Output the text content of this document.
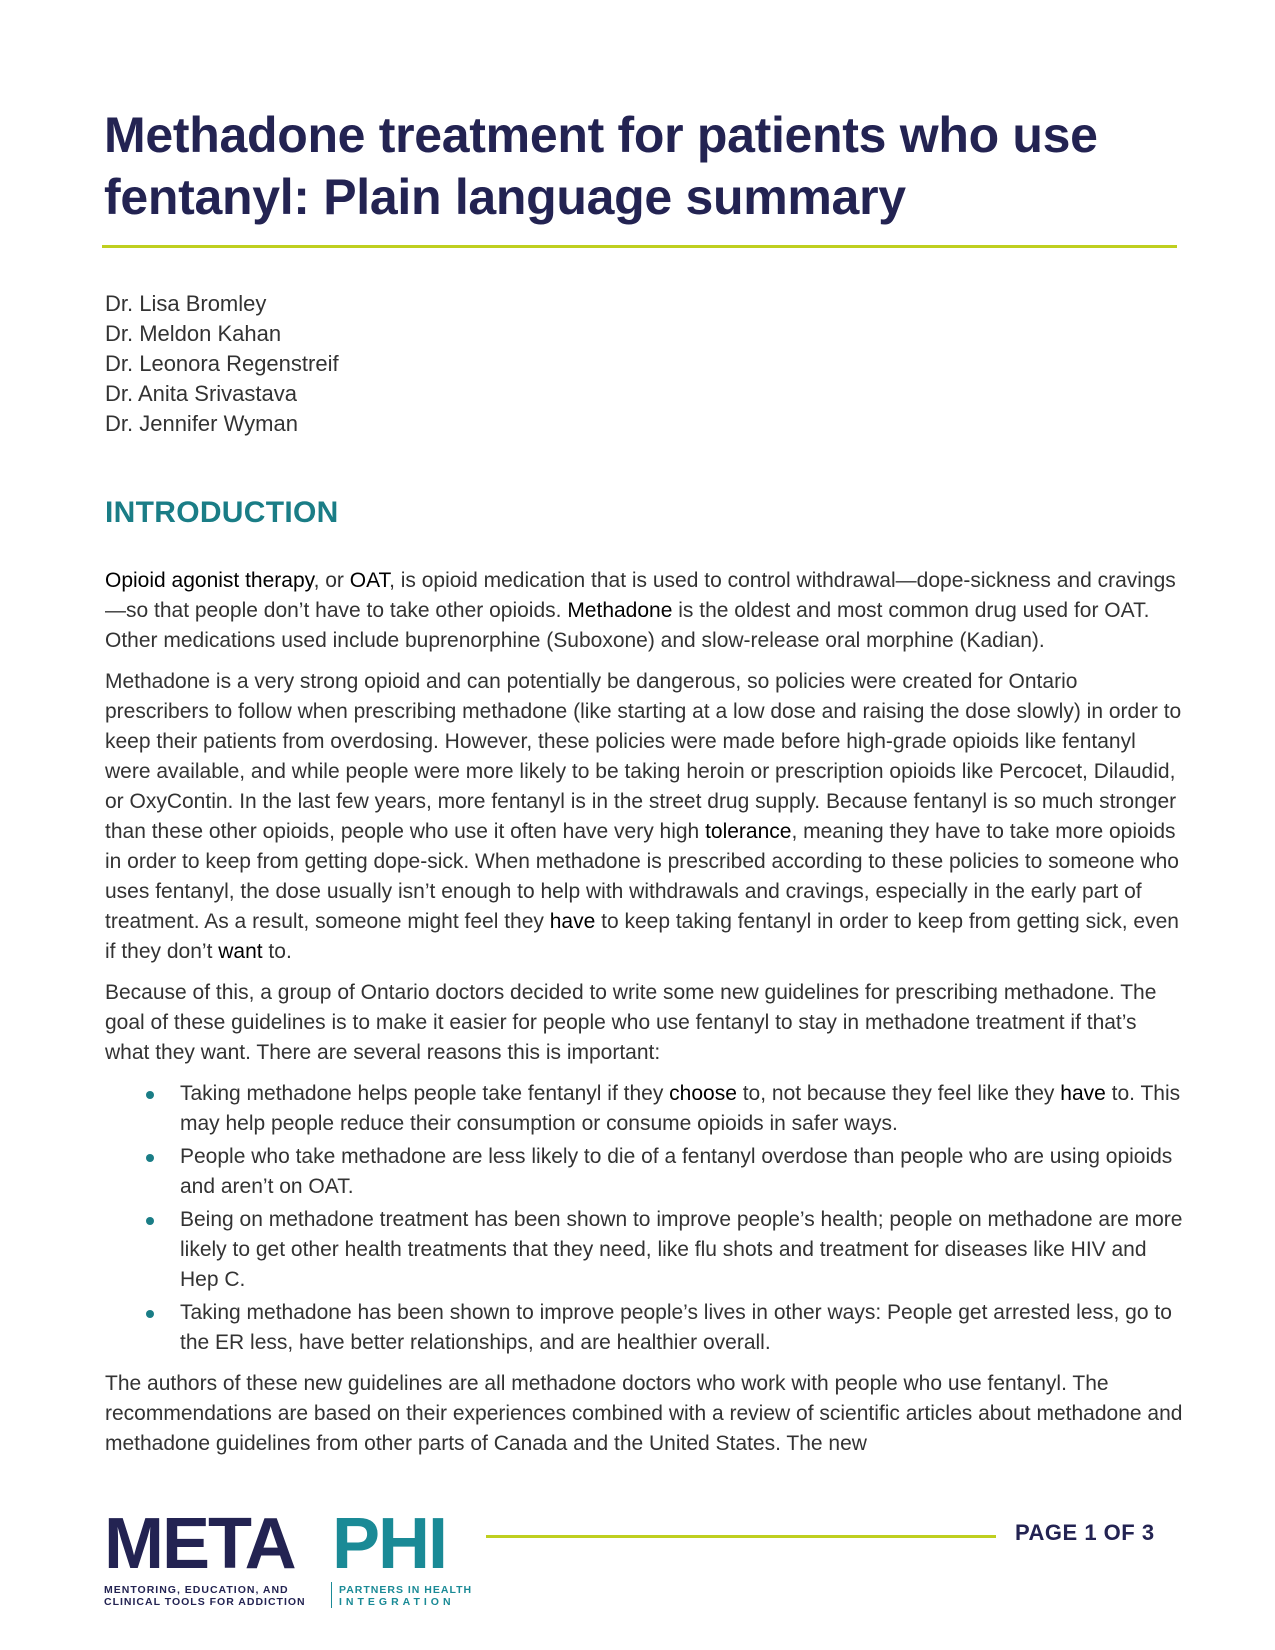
Methadone treatment for patients who use fentanyl: Plain language summary
Dr. Lisa Bromley
Dr. Meldon Kahan
Dr. Leonora Regenstreif
Dr. Anita Srivastava
Dr. Jennifer Wyman
INTRODUCTION

Opioid agonist therapy, or OAT, is opioid medication that is used to control withdrawal—dope-sickness and cravings—so that people don’t have to take other opioids. Methadone is the oldest and most common drug used for OAT. Other medications used include buprenorphine (Suboxone) and slow-release oral morphine (Kadian).

Methadone is a very strong opioid and can potentially be dangerous, so policies were created for Ontario prescribers to follow when prescribing methadone (like starting at a low dose and raising the dose slowly) in order to keep their patients from overdosing. However, these policies were made before high-grade opioids like fentanyl were available, and while people were more likely to be taking heroin or prescription opioids like Percocet, Dilaudid, or OxyContin. In the last few years, more fentanyl is in the street drug supply. Because fentanyl is so much stronger than these other opioids, people who use it often have very high tolerance, meaning they have to take more opioids in order to keep from getting dope-sick. When methadone is prescribed according to these policies to someone who uses fentanyl, the dose usually isn’t enough to help with withdrawals and cravings, especially in the early part of treatment. As a result, someone might feel they have to keep taking fentanyl in order to keep from getting sick, even if they don’t want to.

Because of this, a group of Ontario doctors decided to write some new guidelines for prescribing methadone. The goal of these guidelines is to make it easier for people who use fentanyl to stay in methadone treatment if that’s what they want. There are several reasons this is important:

Taking methadone helps people take fentanyl if they choose to, not because they feel like they have to. This may help people reduce their consumption or consume opioids in safer ways.
People who take methadone are less likely to die of a fentanyl overdose than people who are using opioids and aren’t on OAT.
Being on methadone treatment has been shown to improve people’s health; people on methadone are more likely to get other health treatments that they need, like flu shots and treatment for diseases like HIV and Hep C.
Taking methadone has been shown to improve people’s lives in other ways: People get arrested less, go to the ER less, have better relationships, and are healthier overall.

The authors of these new guidelines are all methadone doctors who work with people who use fentanyl. The recommendations are based on their experiences combined with a review of scientific articles about methadone and methadone guidelines from other parts of Canada and the United States. The new

META PHI
MENTORING, EDUCATION, AND
CLINICAL TOOLS FOR ADDICTION
PARTNERS IN HEALTH
INTEGRATION
PAGE 1 OF 3
